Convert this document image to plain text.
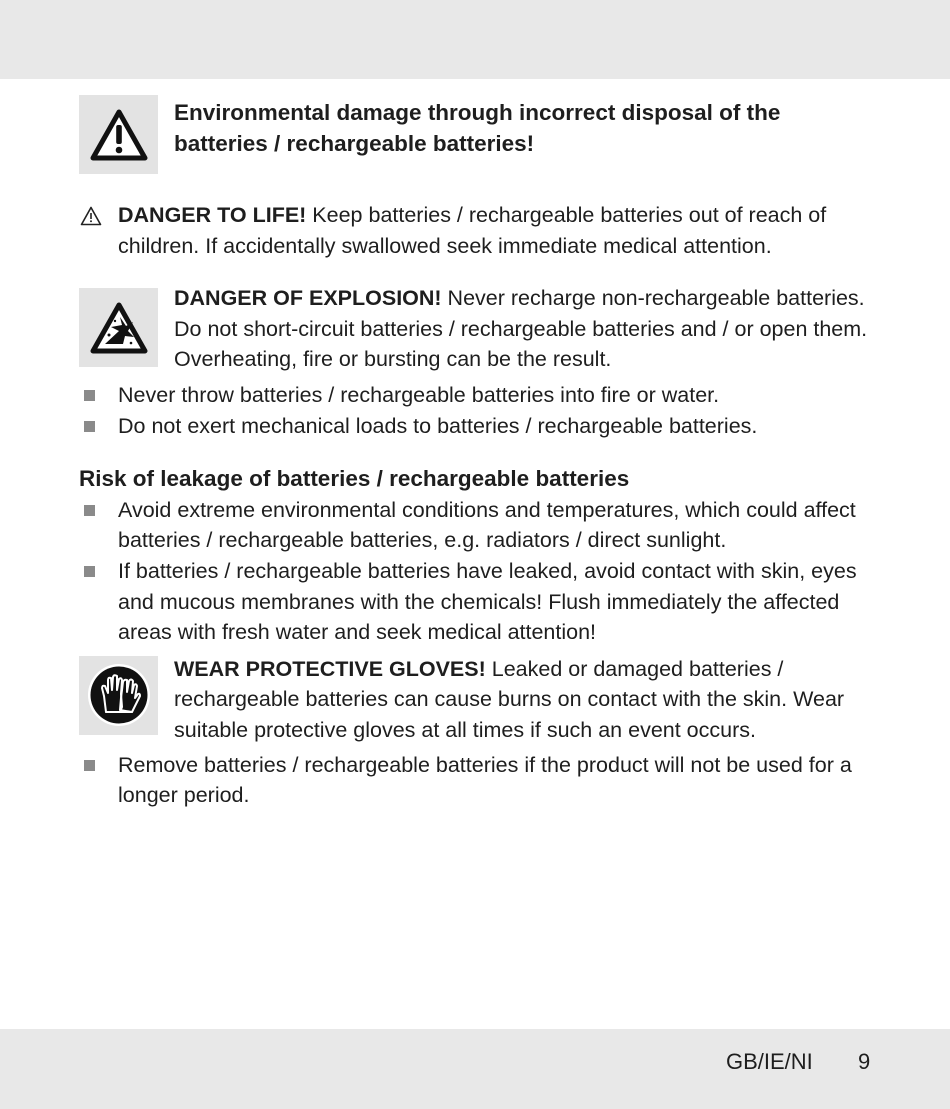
Environmental damage through incorrect disposal of the batteries / rechargeable batteries!
DANGER TO LIFE! Keep batteries / rechargeable batteries out of reach of children. If accidentally swallowed seek immediate medical attention.
DANGER OF EXPLOSION! Never recharge non-rechargeable batteries. Do not short-circuit batteries / rechargeable batteries and / or open them. Overheating, fire or bursting can be the result.
Never throw batteries / rechargeable batteries into fire or water.
Do not exert mechanical loads to batteries / rechargeable batteries.
Risk of leakage of batteries / rechargeable batteries
Avoid extreme environmental conditions and temperatures, which could affect batteries / rechargeable batteries, e.g. radiators / direct sunlight.
If batteries / rechargeable batteries have leaked, avoid contact with skin, eyes and mucous membranes with the chemicals! Flush immediately the affected areas with fresh water and seek medical attention!
WEAR PROTECTIVE GLOVES! Leaked or damaged batteries / rechargeable batteries can cause burns on contact with the skin. Wear suitable protective gloves at all times if such an event occurs.
Remove batteries / rechargeable batteries if the product will not be used for a longer period.
GB/IE/NI 9
